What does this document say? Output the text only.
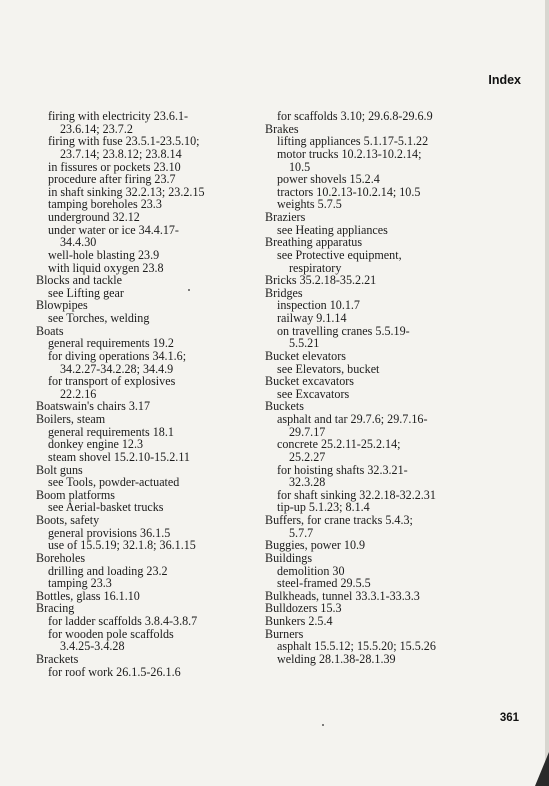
Index
firing with electricity 23.6.1-
23.6.14; 23.7.2
firing with fuse 23.5.1-23.5.10;
23.7.14; 23.8.12; 23.8.14
in fissures or pockets 23.10
procedure after firing 23.7
in shaft sinking 32.2.13; 23.2.15
tamping boreholes 23.3
underground 32.12
under water or ice 34.4.17-
34.4.30
well-hole blasting 23.9
with liquid oxygen 23.8
Blocks and tackle
see Lifting gear
Blowpipes
see Torches, welding
Boats
general requirements 19.2
for diving operations 34.1.6;
34.2.27-34.2.28; 34.4.9
for transport of explosives
22.2.16
Boatswain's chairs 3.17
Boilers, steam
general requirements 18.1
donkey engine 12.3
steam shovel 15.2.10-15.2.11
Bolt guns
see Tools, powder-actuated
Boom platforms
see Aerial-basket trucks
Boots, safety
general provisions 36.1.5
use of 15.5.19; 32.1.8; 36.1.15
Boreholes
drilling and loading 23.2
tamping 23.3
Bottles, glass 16.1.10
Bracing
for ladder scaffolds 3.8.4-3.8.7
for wooden pole scaffolds
3.4.25-3.4.28
Brackets
for roof work 26.1.5-26.1.6
for scaffolds 3.10; 29.6.8-29.6.9
Brakes
lifting appliances 5.1.17-5.1.22
motor trucks 10.2.13-10.2.14;
10.5
power shovels 15.2.4
tractors 10.2.13-10.2.14; 10.5
weights 5.7.5
Braziers
see Heating appliances
Breathing apparatus
see Protective equipment,
respiratory
Bricks 35.2.18-35.2.21
Bridges
inspection 10.1.7
railway 9.1.14
on travelling cranes 5.5.19-
5.5.21
Bucket elevators
see Elevators, bucket
Bucket excavators
see Excavators
Buckets
asphalt and tar 29.7.6; 29.7.16-
29.7.17
concrete 25.2.11-25.2.14;
25.2.27
for hoisting shafts 32.3.21-
32.3.28
for shaft sinking 32.2.18-32.2.31
tip-up 5.1.23; 8.1.4
Buffers, for crane tracks 5.4.3;
5.7.7
Buggies, power 10.9
Buildings
demolition 30
steel-framed 29.5.5
Bulkheads, tunnel 33.3.1-33.3.3
Bulldozers 15.3
Bunkers 2.5.4
Burners
asphalt 15.5.12; 15.5.20; 15.5.26
welding 28.1.38-28.1.39
361
